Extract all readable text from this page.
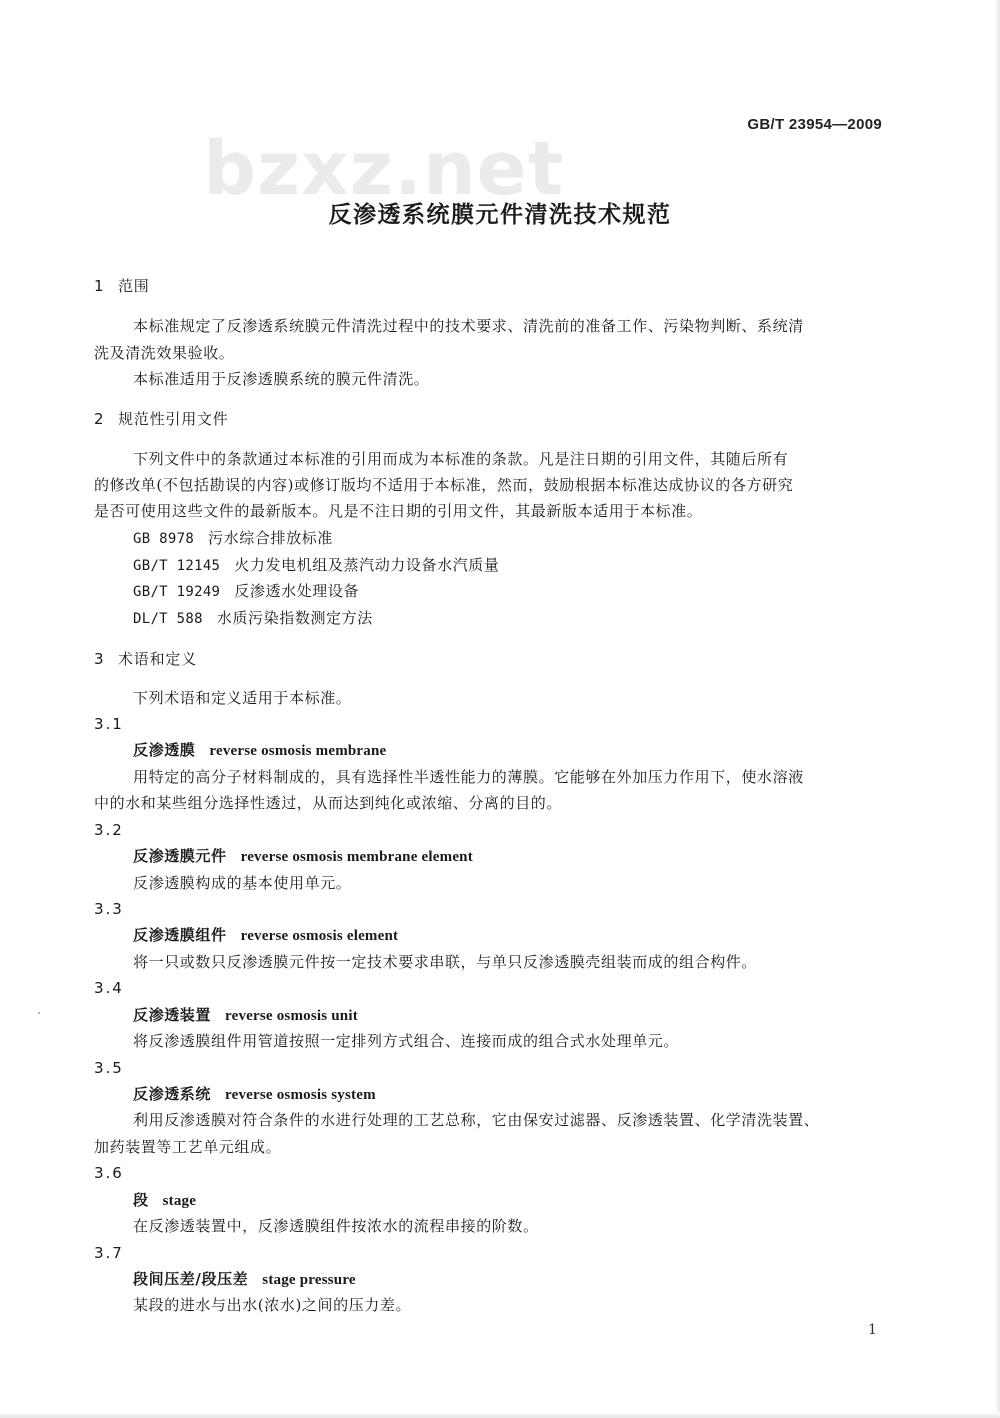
bzxz.net
GB/T 23954—2009
反渗透系统膜元件清洗技术规范
1 范围
本标准规定了反渗透系统膜元件清洗过程中的技术要求、清洗前的准备工作、污染物判断、系统清
洗及清洗效果验收。
本标准适用于反渗透膜系统的膜元件清洗。
2 规范性引用文件
下列文件中的条款通过本标准的引用而成为本标准的条款。凡是注日期的引用文件，其随后所有
的修改单(不包括勘误的内容)或修订版均不适用于本标准，然而，鼓励根据本标准达成协议的各方研究
是否可使用这些文件的最新版本。凡是不注日期的引用文件，其最新版本适用于本标准。
GB 8978 污水综合排放标准
GB/T 12145 火力发电机组及蒸汽动力设备水汽质量
GB/T 19249 反渗透水处理设备
DL/T 588 水质污染指数测定方法
3 术语和定义
下列术语和定义适用于本标准。
3.1
反渗透膜 reverse osmosis membrane
用特定的高分子材料制成的，具有选择性半透性能力的薄膜。它能够在外加压力作用下，使水溶液
中的水和某些组分选择性透过，从而达到纯化或浓缩、分离的目的。
3.2
反渗透膜元件 reverse osmosis membrane element
反渗透膜构成的基本使用单元。
3.3
反渗透膜组件 reverse osmosis element
将一只或数只反渗透膜元件按一定技术要求串联，与单只反渗透膜壳组装而成的组合构件。
3.4
反渗透装置 reverse osmosis unit
将反渗透膜组件用管道按照一定排列方式组合、连接而成的组合式水处理单元。
3.5
反渗透系统 reverse osmosis system
利用反渗透膜对符合条件的水进行处理的工艺总称，它由保安过滤器、反渗透装置、化学清洗装置、
加药装置等工艺单元组成。
3.6
段 stage
在反渗透装置中，反渗透膜组件按浓水的流程串接的阶数。
3.7
段间压差/段压差 stage pressure
某段的进水与出水(浓水)之间的压力差。
1
